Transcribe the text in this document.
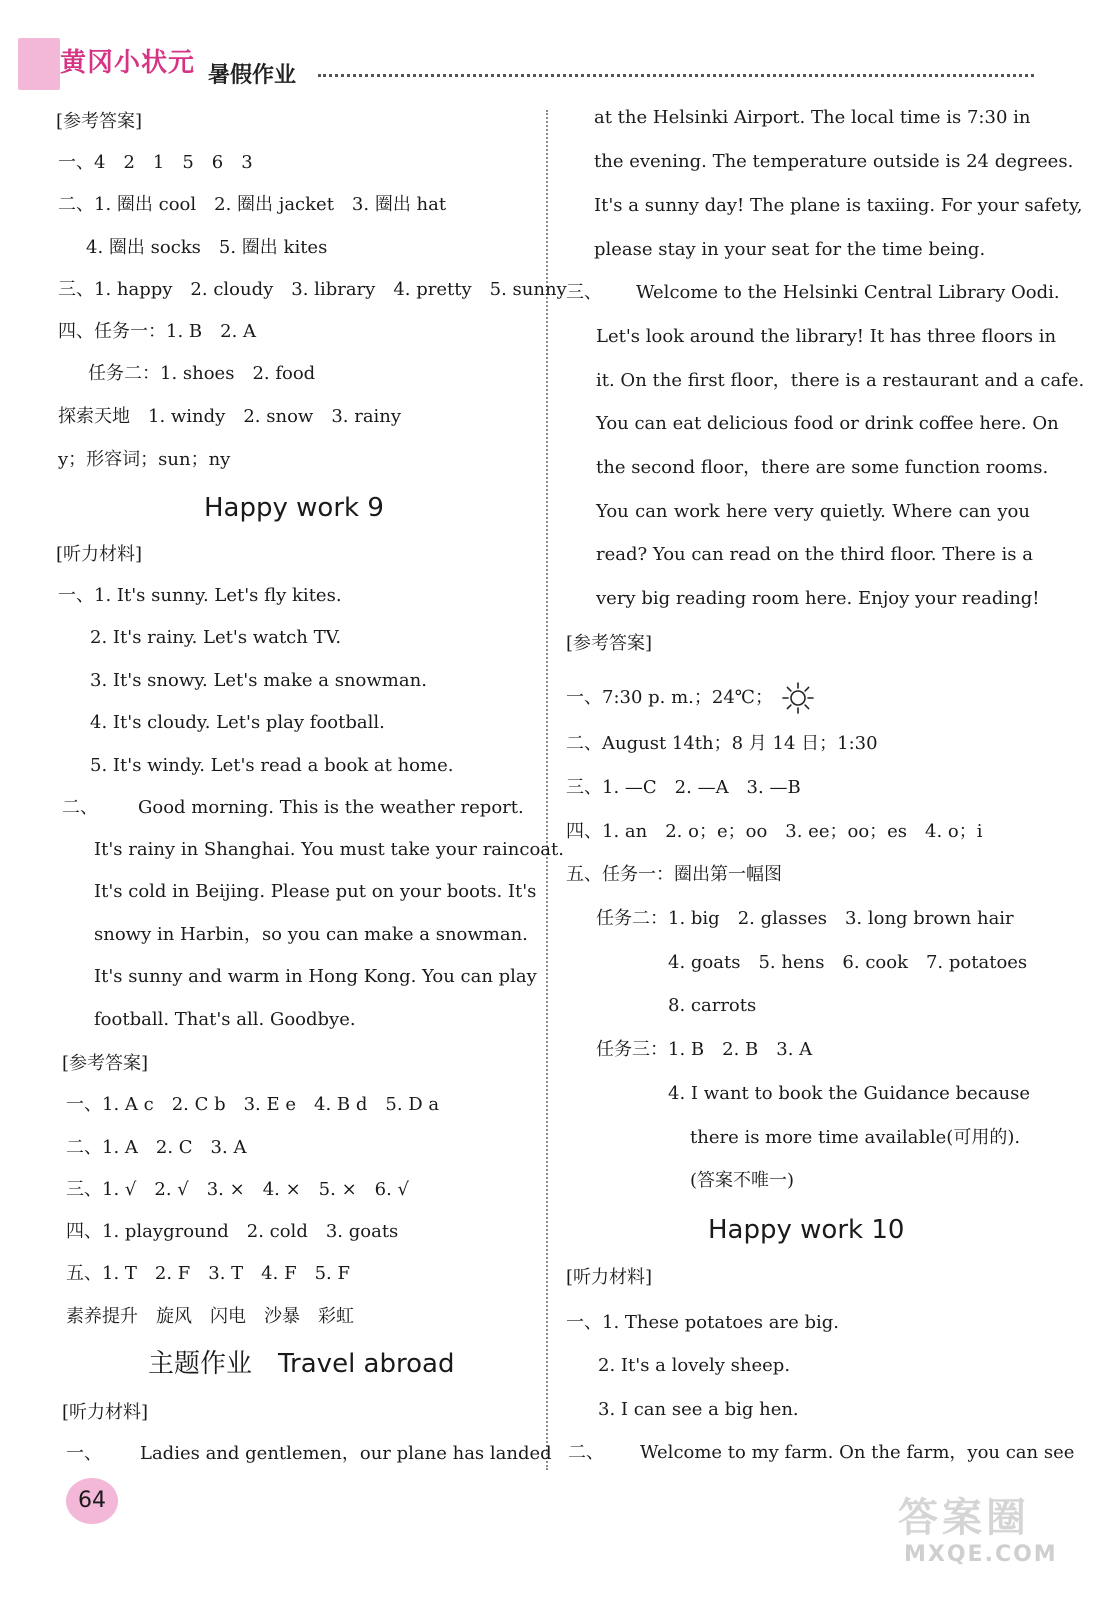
黄冈小状元 暑假作业
[参考答案]
一、4　2　1　5　6　3
二、1. 圈出 cool　2. 圈出 jacket　3. 圈出 hat
4. 圈出 socks　5. 圈出 kites
三、1. happy　2. cloudy　3. library　4. pretty　5. sunny
四、任务一：1. B　2. A
任务二：1. shoes　2. food
探索天地　1. windy　2. snow　3. rainy
y；形容词；sun；ny
Happy work 9
[听力材料]
一、1. It's sunny. Let's fly kites.
2. It's rainy. Let's watch TV.
3. It's snowy. Let's make a snowman.
4. It's cloudy. Let's play football.
5. It's windy. Let's read a book at home.
二、 Good morning. This is the weather report.
It's rainy in Shanghai. You must take your raincoat.
It's cold in Beijing. Please put on your boots. It's
snowy in Harbin，so you can make a snowman.
It's sunny and warm in Hong Kong. You can play
football. That's all. Goodbye.
[参考答案]
一、1. A c　2. C b　3. E e　4. B d　5. D a
二、1. A　2. C　3. A
三、1. √　2. √　3. ×　4. ×　5. ×　6. √
四、1. playground　2. cold　3. goats
五、1. T　2. F　3. T　4. F　5. F
素养提升　旋风　闪电　沙暴　彩虹
主题作业　Travel abroad
[听力材料]
一、 Ladies and gentlemen，our plane has landed
at the Helsinki Airport. The local time is 7:30 in
the evening. The temperature outside is 24 degrees.
It's a sunny day! The plane is taxiing. For your safety,
please stay in your seat for the time being.
三、 Welcome to the Helsinki Central Library Oodi.
Let's look around the library! It has three floors in
it. On the first floor，there is a restaurant and a cafe.
You can eat delicious food or drink coffee here. On
the second floor，there are some function rooms.
You can work here very quietly. Where can you
read? You can read on the third floor. There is a
very big reading room here. Enjoy your reading!
[参考答案]
一、7:30 p. m.；24℃；
二、August 14th；8 月 14 日；1:30
三、1. —C　2. —A　3. —B
四、1. an　2. o；e；oo　3. ee；oo；es　4. o；i
五、任务一：圈出第一幅图
任务二：1. big　2. glasses　3. long brown hair
4. goats　5. hens　6. cook　7. potatoes
8. carrots
任务三：1. B　2. B　3. A
4. I want to book the Guidance because
there is more time available(可用的).
(答案不唯一)
Happy work 10
[听力材料]
一、1. These potatoes are big.
2. It's a lovely sheep.
3. I can see a big hen.
二、 Welcome to my farm. On the farm，you can see
64	答案圈
MXQE.COM
